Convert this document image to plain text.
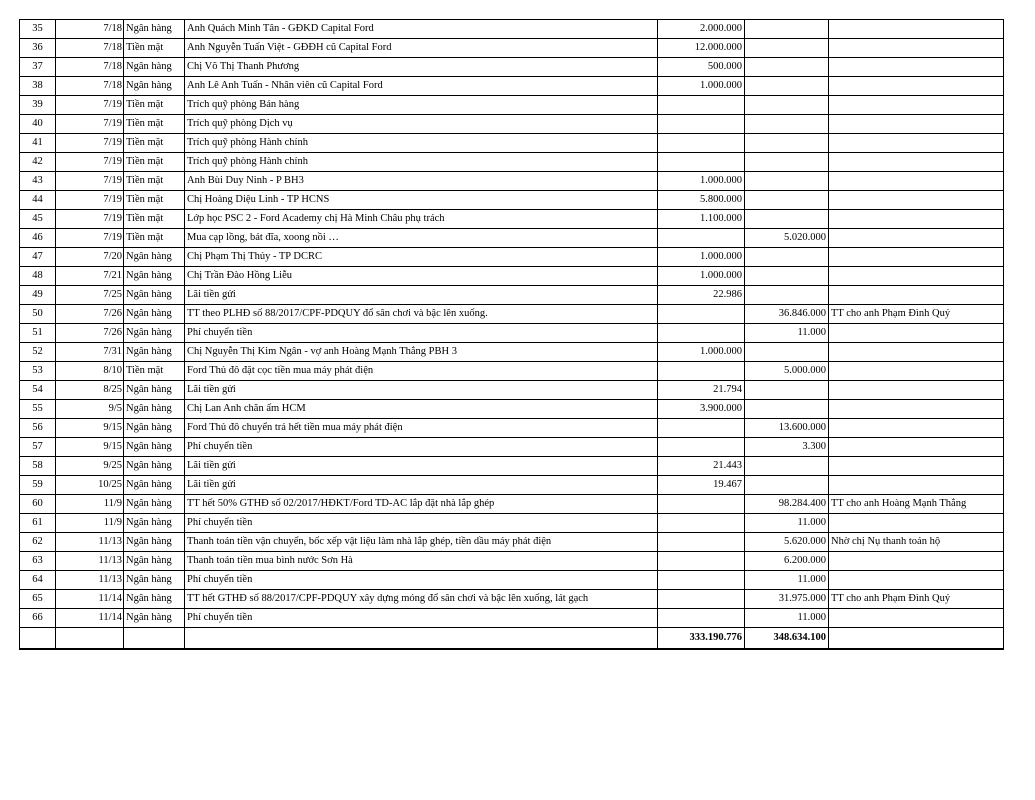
35	7/18	Ngân hàng	Anh Quách Minh Tân - GĐKD Capital Ford	2.000.000		
36	7/18	Tiền mặt	Anh Nguyễn Tuấn Việt - GĐĐH cũ Capital Ford	12.000.000		
37	7/18	Ngân hàng	Chị Võ Thị Thanh Phương	500.000		
38	7/18	Ngân hàng	Anh Lê Anh Tuấn - Nhân viên cũ Capital Ford	1.000.000		
39	7/19	Tiền mặt	Trích quỹ phòng Bán hàng			
40	7/19	Tiền mặt	Trích quỹ phòng Dịch vụ			
41	7/19	Tiền mặt	Trích quỹ phòng Hành chính			
42	7/19	Tiền mặt	Trích quỹ phòng Hành chính			
43	7/19	Tiền mặt	Anh Bùi Duy Ninh - P BH3	1.000.000		
44	7/19	Tiền mặt	Chị Hoàng Diệu Linh - TP HCNS	5.800.000		
45	7/19	Tiền mặt	Lớp học PSC 2 - Ford Academy chị Hà Minh Châu phụ trách	1.100.000		
46	7/19	Tiền mặt	Mua cạp lồng, bát đĩa, xoong nồi …		5.020.000	
47	7/20	Ngân hàng	Chị Phạm Thị Thủy - TP DCRC	1.000.000		
48	7/21	Ngân hàng	Chị Trần Đào Hồng Liễu	1.000.000		
49	7/25	Ngân hàng	Lãi tiền gửi	22.986		
50	7/26	Ngân hàng	TT theo PLHĐ số 88/2017/CPF-PDQUY đổ sân chơi và bậc lên xuống.		36.846.000	TT cho anh Phạm Đình Quý
51	7/26	Ngân hàng	Phí chuyển tiền		11.000	
52	7/31	Ngân hàng	Chị Nguyễn Thị Kim Ngân - vợ anh Hoàng Mạnh Thắng PBH 3	1.000.000		
53	8/10	Tiền mặt	Ford Thủ đô đặt cọc tiền mua máy phát điện		5.000.000	
54	8/25	Ngân hàng	Lãi tiền gửi	21.794		
55	9/5	Ngân hàng	Chị Lan Anh chăn ấm HCM	3.900.000		
56	9/15	Ngân hàng	Ford Thủ đô chuyển trả hết tiền mua máy phát điện		13.600.000	
57	9/15	Ngân hàng	Phí chuyển tiền		3.300	
58	9/25	Ngân hàng	Lãi tiền gửi	21.443		
59	10/25	Ngân hàng	Lãi tiền gửi	19.467		
60	11/9	Ngân hàng	TT hết 50% GTHĐ số 02/2017/HĐKT/Ford TD-AC lắp đặt nhà lắp ghép		98.284.400	TT cho anh Hoàng Mạnh Thắng
61	11/9	Ngân hàng	Phí chuyển tiền		11.000	
62	11/13	Ngân hàng	Thanh toán tiền vận chuyển, bốc xếp vật liệu làm nhà lắp ghép, tiền dầu máy phát điện		5.620.000	Nhờ chị Nụ thanh toán hộ
63	11/13	Ngân hàng	Thanh toán tiền mua bình nước Sơn Hà		6.200.000	
64	11/13	Ngân hàng	Phí chuyển tiền		11.000	
65	11/14	Ngân hàng	TT hết GTHĐ số 88/2017/CPF-PDQUY xây dựng móng đổ sân chơi và bậc lên xuống, lát gạch		31.975.000	TT cho anh Phạm Đình Quý
66	11/14	Ngân hàng	Phí chuyển tiền		11.000	
				333.190.776	348.634.100	
